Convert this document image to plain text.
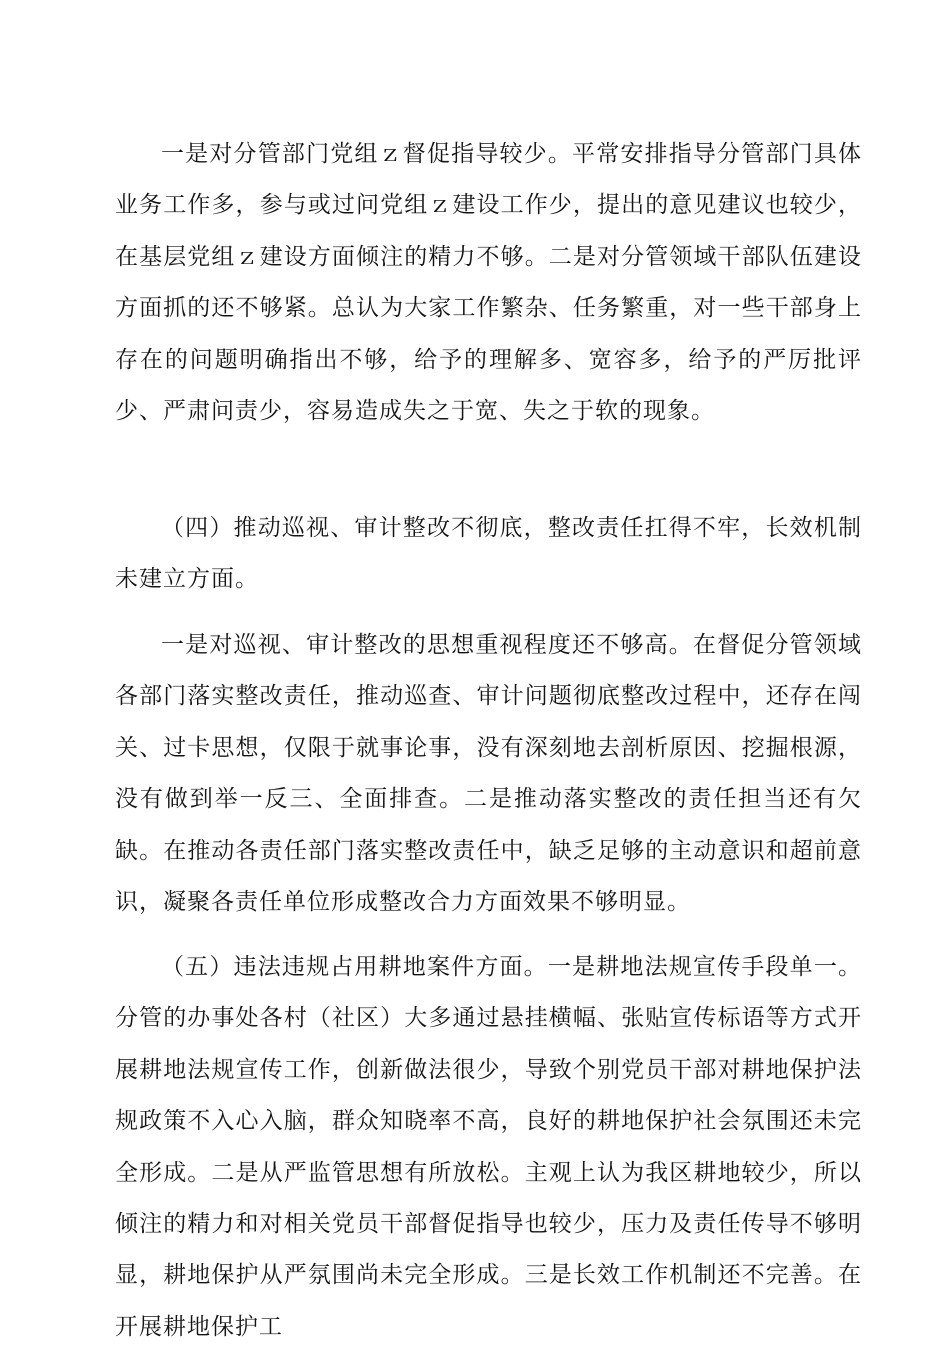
一是对分管部门党组ｚ督促指导较少。平常安排指导分管部门具体业务工作多，参与或过问党组ｚ建设工作少，提出的意见建议也较少，在基层党组ｚ建设方面倾注的精力不够。二是对分管领域干部队伍建设方面抓的还不够紧。总认为大家工作繁杂、任务繁重，对一些干部身上存在的问题明确指出不够，给予的理解多、宽容多，给予的严厉批评少、严肃问责少，容易造成失之于宽、失之于软的现象。

（四）推动巡视、审计整改不彻底，整改责任扛得不牢，长效机制未建立方面。

一是对巡视、审计整改的思想重视程度还不够高。在督促分管领域各部门落实整改责任，推动巡查、审计问题彻底整改过程中，还存在闯关、过卡思想，仅限于就事论事，没有深刻地去剖析原因、挖掘根源，没有做到举一反三、全面排查。二是推动落实整改的责任担当还有欠缺。在推动各责任部门落实整改责任中，缺乏足够的主动意识和超前意识，凝聚各责任单位形成整改合力方面效果不够明显。

（五）违法违规占用耕地案件方面。一是耕地法规宣传手段单一。分管的办事处各村（社区）大多通过悬挂横幅、张贴宣传标语等方式开展耕地法规宣传工作，创新做法很少，导致个别党员干部对耕地保护法规政策不入心入脑，群众知晓率不高，良好的耕地保护社会氛围还未完全形成。二是从严监管思想有所放松。主观上认为我区耕地较少，所以倾注的精力和对相关党员干部督促指导也较少，压力及责任传导不够明显，耕地保护从严氛围尚未完全形成。三是长效工作机制还不完善。在开展耕地保护工
